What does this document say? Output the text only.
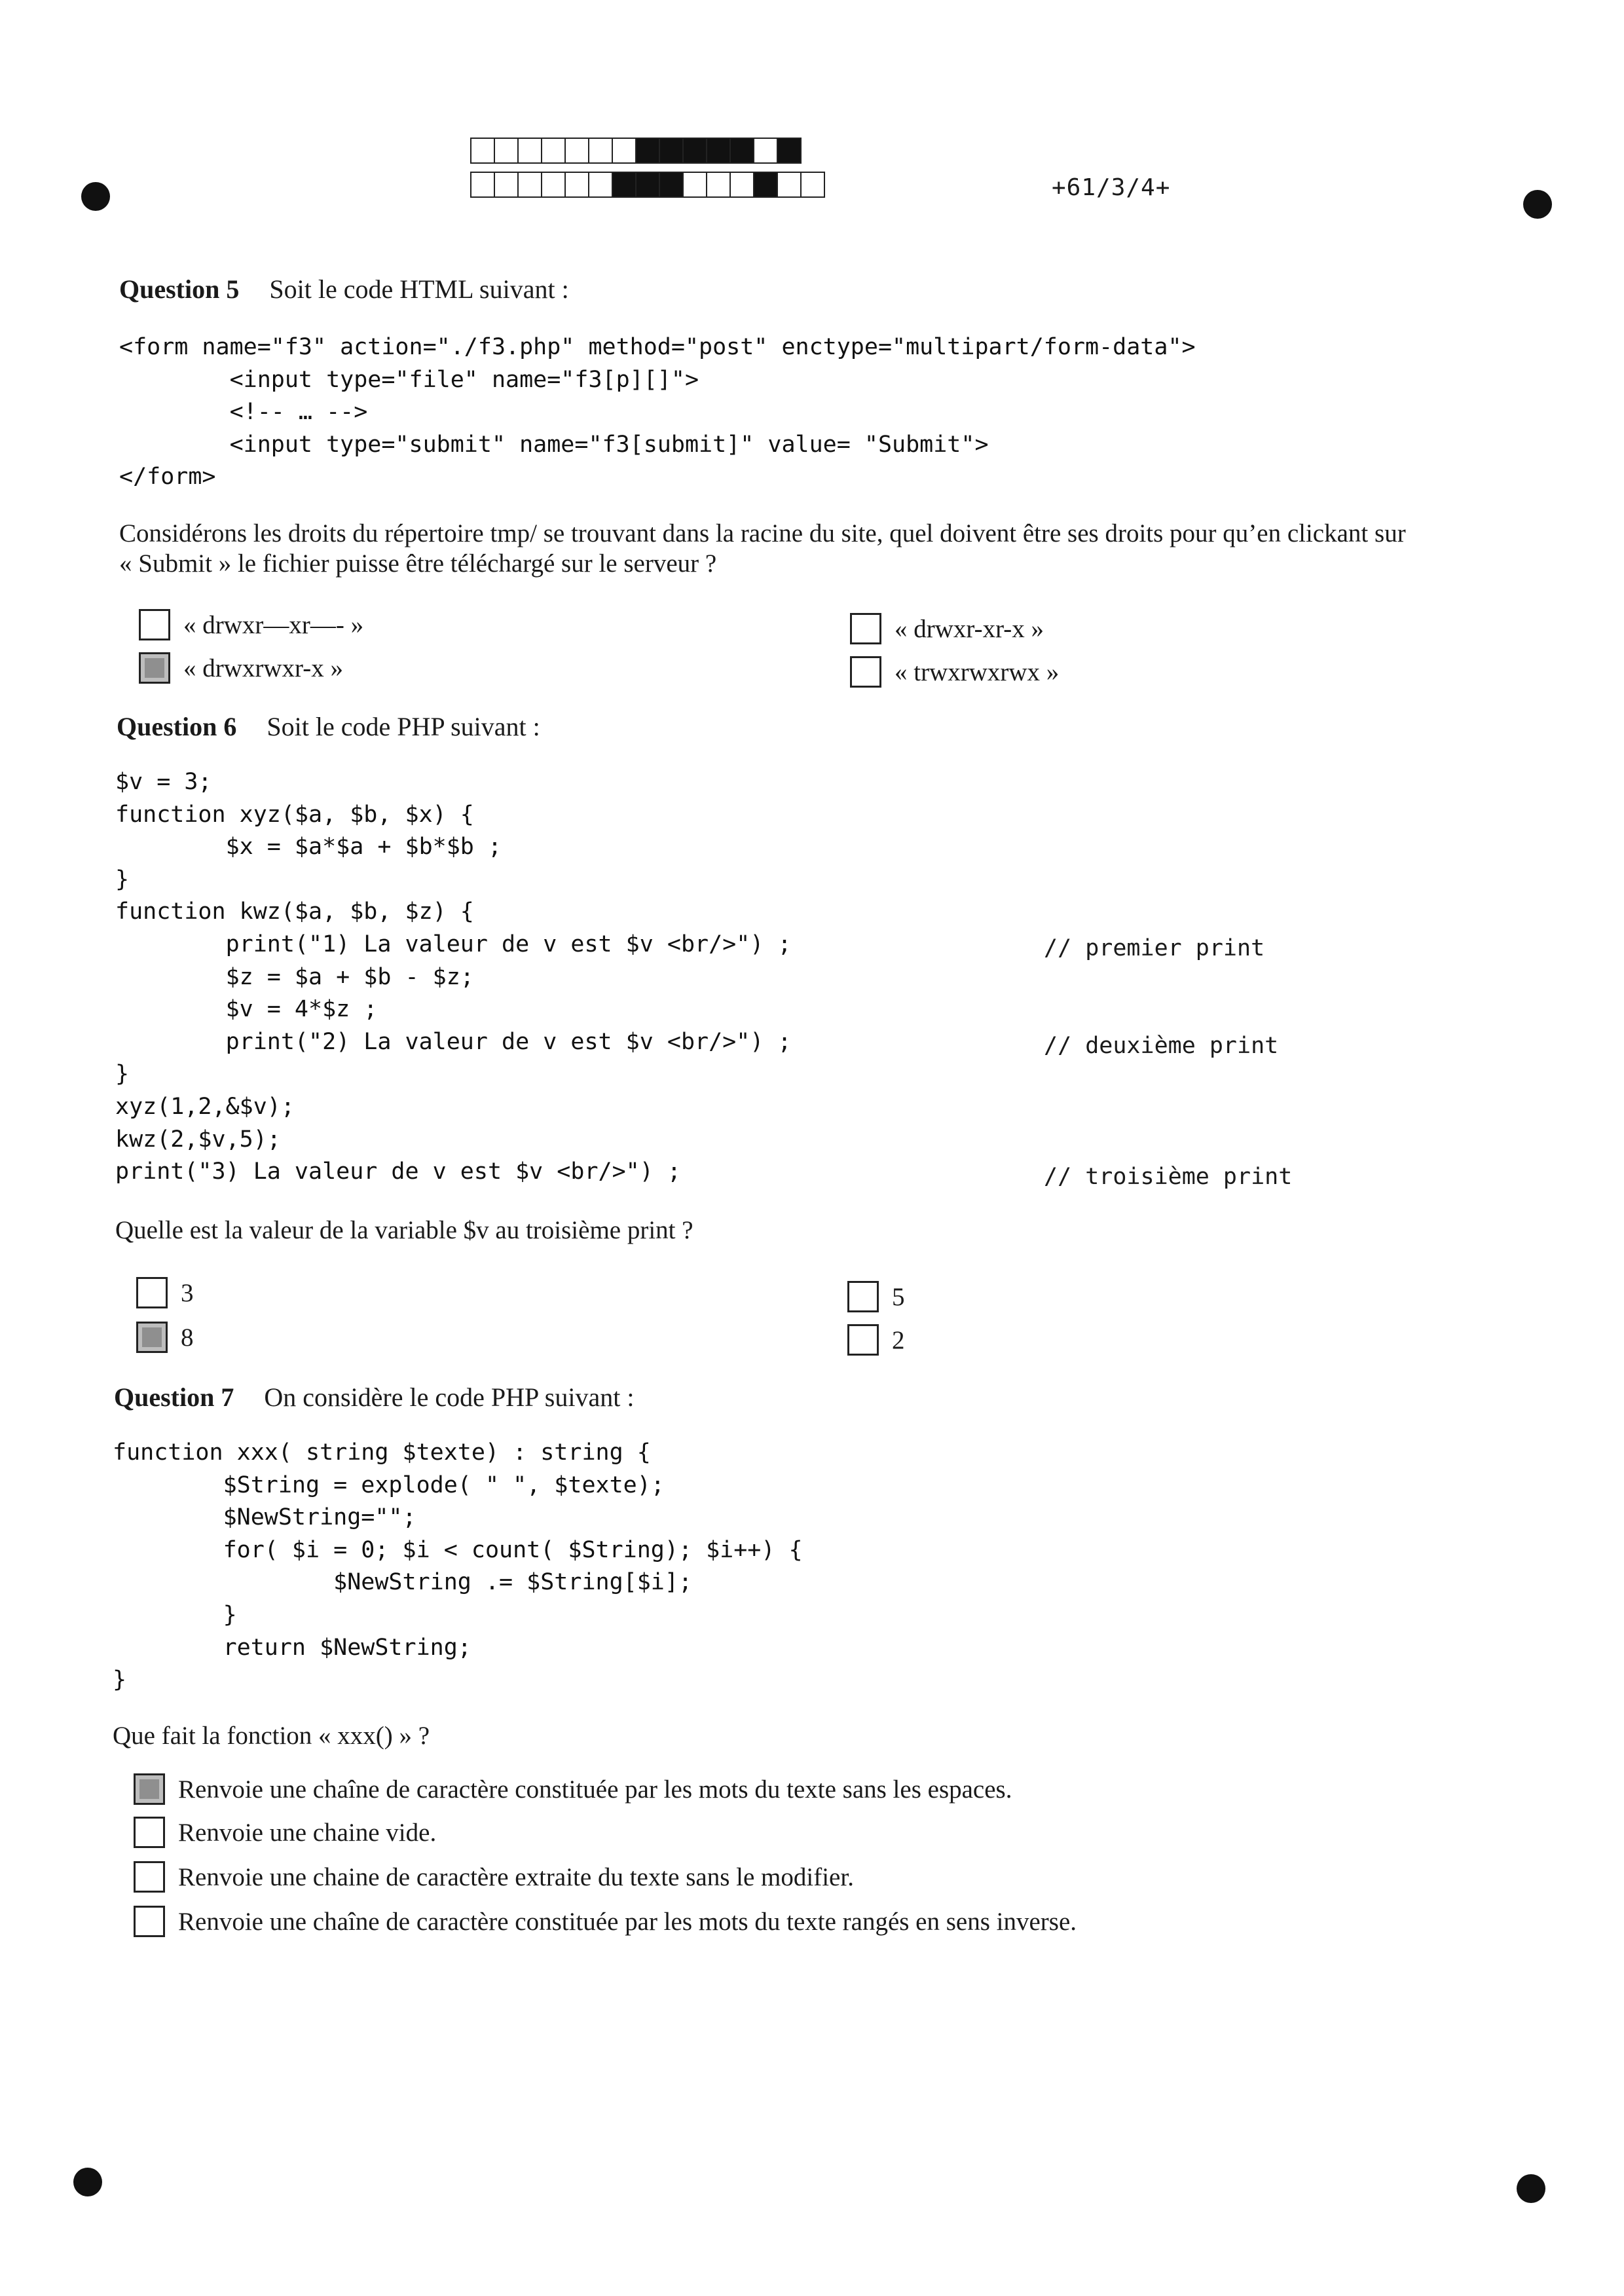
+61/3/4+
Question 5 Soit le code HTML suivant :
<form name="f3" action="./f3.php" method="post" enctype="multipart/form-data">
<input type="file" name="f3[p][]">
<!-- … -->
<input type="submit" name="f3[submit]" value= "Submit">
</form>

Considérons les droits du répertoire tmp/ se trouvant dans la racine du site, quel doivent être ses droits pour qu’en clickant sur

« Submit » le fichier puisse être téléchargé sur le serveur ?

« drwxr—xr—- »	« drwxr-xr-x »
« drwxrwxr-x »	« trwxrwxrwx »
Question 6 Soit le code PHP suivant :
$v = 3;
function xyz($a, $b, $x) {
$x = $a*$a + $b*$b ;
}
function kwz($a, $b, $z) {
print("1) La valeur de v est $v <br/>") ;
$z = $a + $b - $z;
$v = 4*$z ;
print("2) La valeur de v est $v <br/>") ;
}
xyz(1,2,&$v);
kwz(2,$v,5);
print("3) La valeur de v est $v <br/>") ;
// premier print
// deuxième print
// troisième print

Quelle est la valeur de la variable $v au troisième print ?

3	5
8	2
Question 7 On considère le code PHP suivant :
function xxx( string $texte) : string {
$String = explode( " ", $texte);
$NewString="";
for( $i = 0; $i < count( $String); $i++) {
$NewString .= $String[$i];
}
return $NewString;
}

Que fait la fonction « xxx() » ?

Renvoie une chaîne de caractère constituée par les mots du texte sans les espaces.
Renvoie une chaine vide.
Renvoie une chaine de caractère extraite du texte sans le modifier.
Renvoie une chaîne de caractère constituée par les mots du texte rangés en sens inverse.
